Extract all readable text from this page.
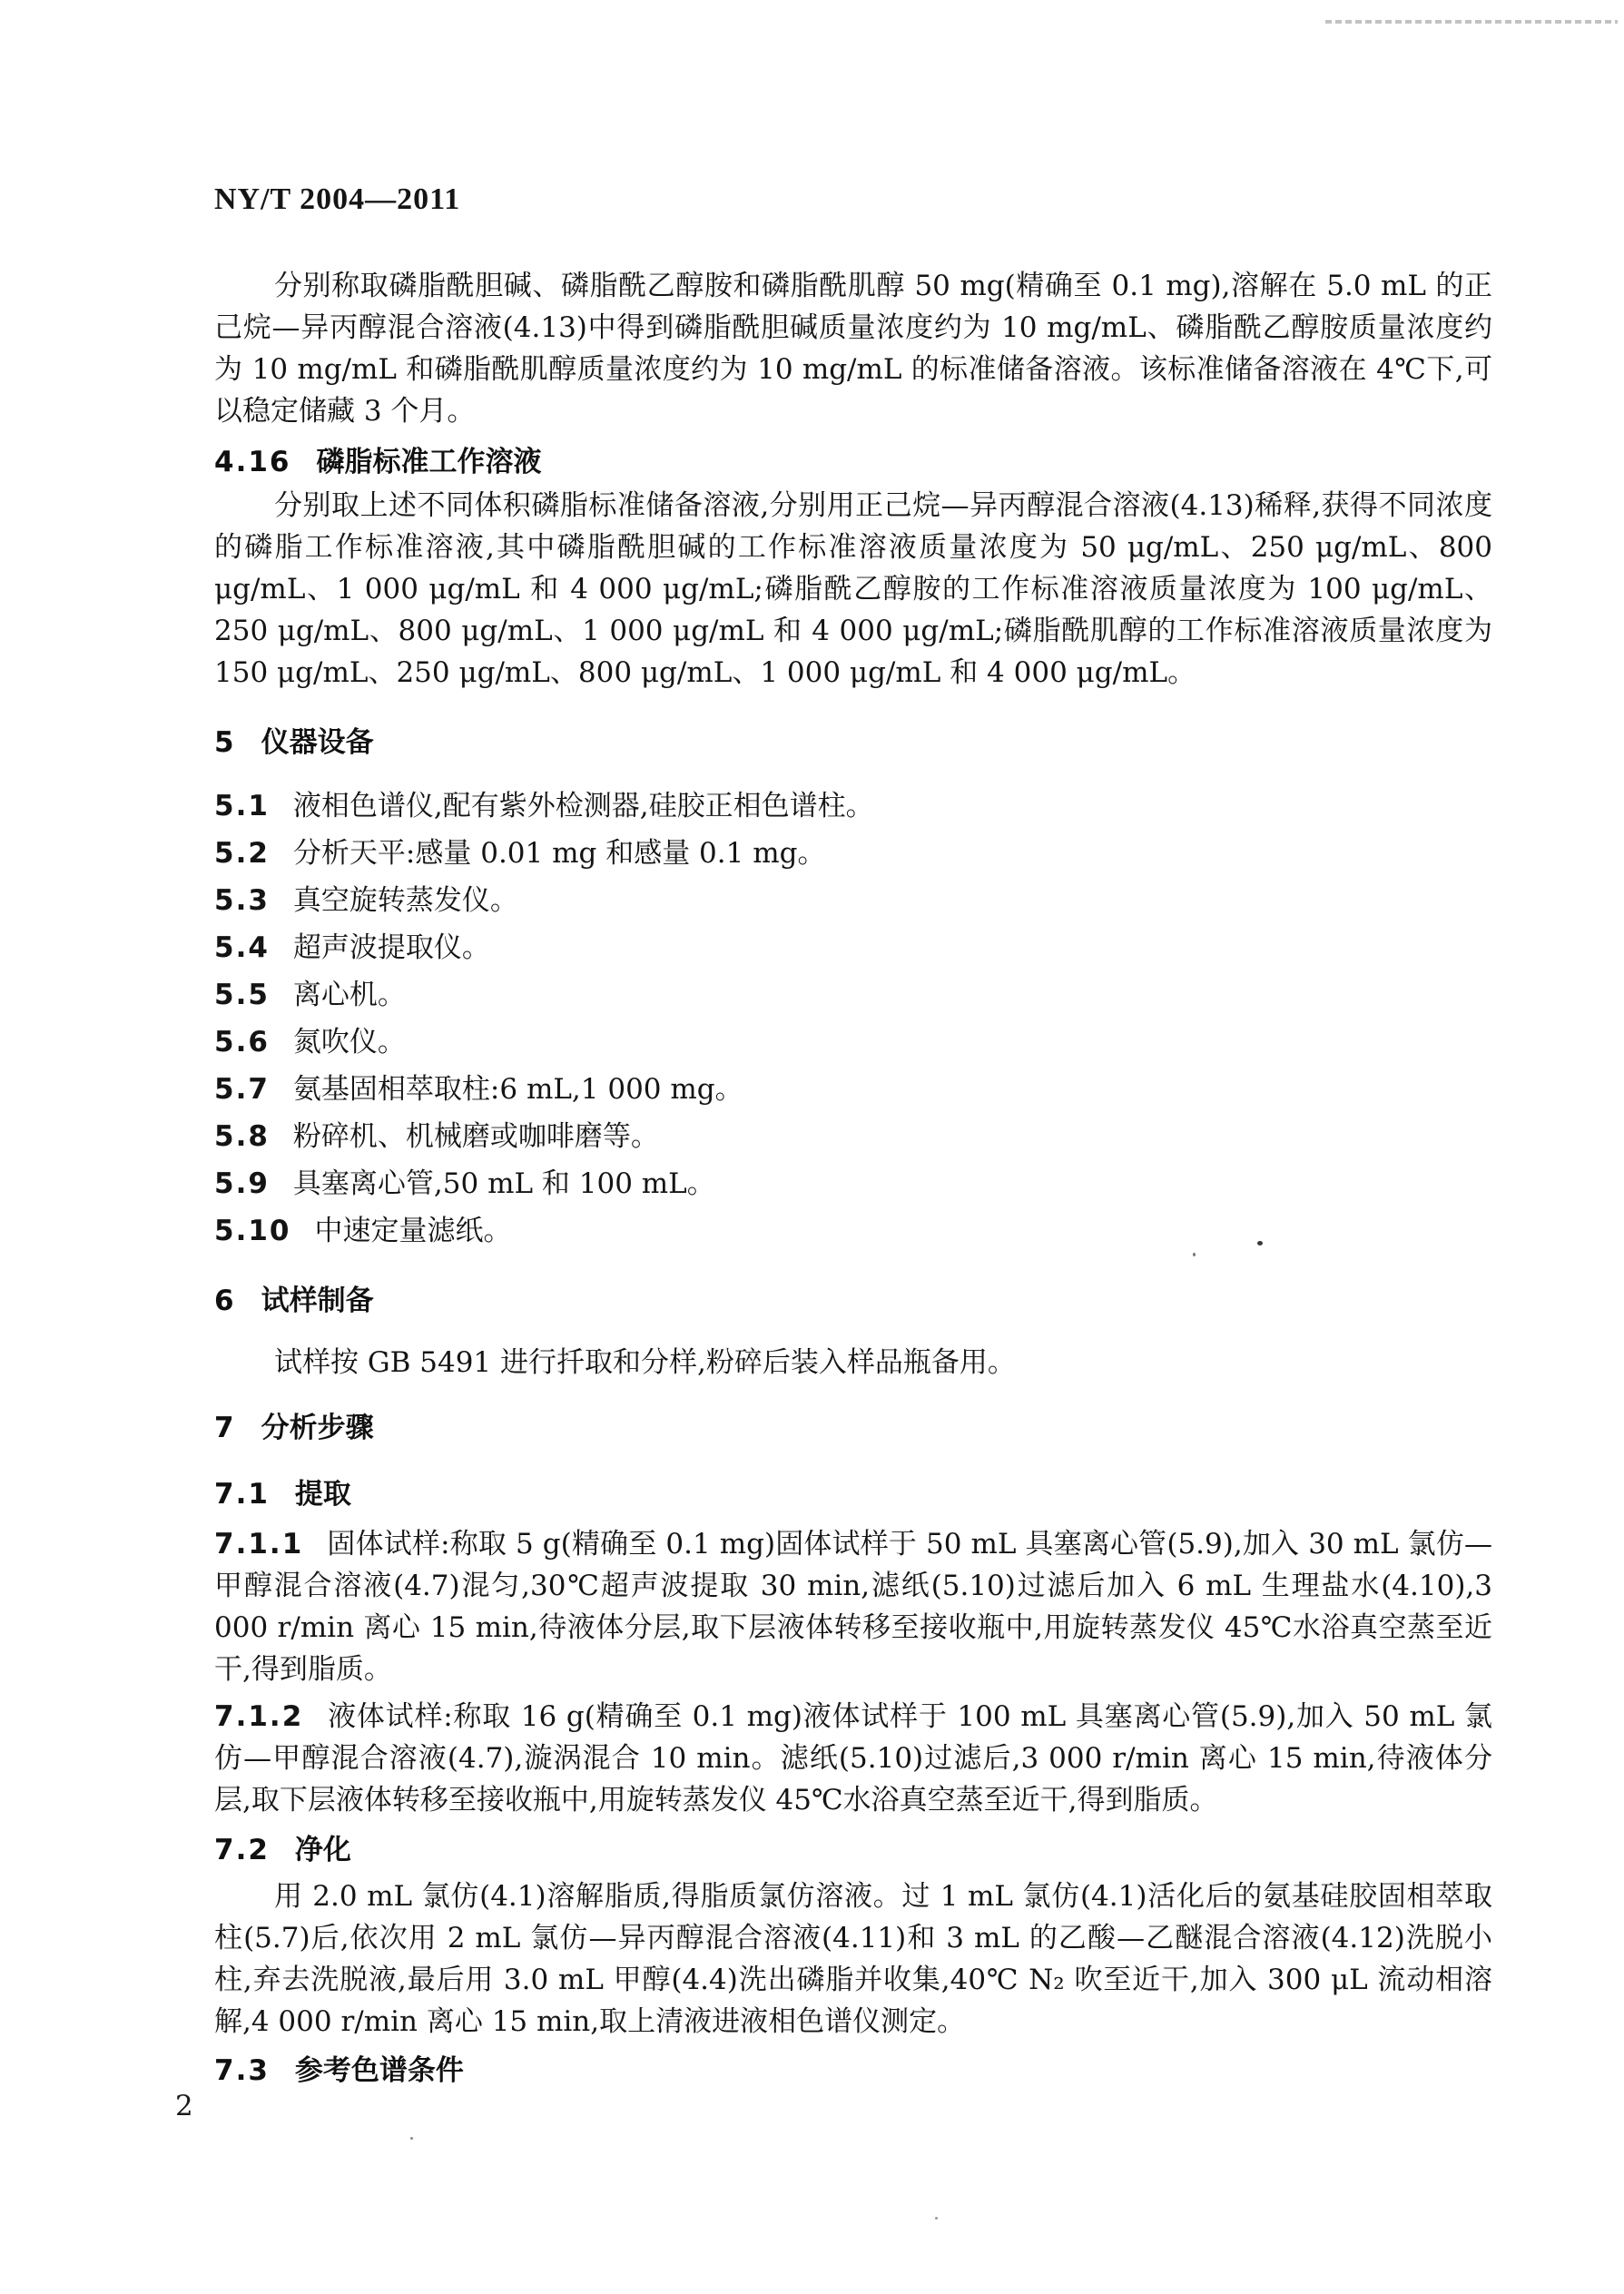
NY/T 2004—2011

分别称取磷脂酰胆碱、磷脂酰乙醇胺和磷脂酰肌醇 50 mg(精确至 0.1 mg),溶解在 5.0 mL 的正己烷—异丙醇混合溶液(4.13)中得到磷脂酰胆碱质量浓度约为 10 mg/mL、磷脂酰乙醇胺质量浓度约为 10 mg/mL 和磷脂酰肌醇质量浓度约为 10 mg/mL 的标准储备溶液。该标准储备溶液在 4℃下,可以稳定储藏 3 个月。

4.16 磷脂标准工作溶液

分别取上述不同体积磷脂标准储备溶液,分别用正己烷—异丙醇混合溶液(4.13)稀释,获得不同浓度的磷脂工作标准溶液,其中磷脂酰胆碱的工作标准溶液质量浓度为 50 μg/mL、250 μg/mL、800 μg/mL、1 000 μg/mL 和 4 000 μg/mL;磷脂酰乙醇胺的工作标准溶液质量浓度为 100 μg/mL、250 μg/mL、800 μg/mL、1 000 μg/mL 和 4 000 μg/mL;磷脂酰肌醇的工作标准溶液质量浓度为 150 μg/mL、250 μg/mL、800 μg/mL、1 000 μg/mL 和 4 000 μg/mL。

5 仪器设备

5.1 液相色谱仪,配有紫外检测器,硅胶正相色谱柱。

5.2 分析天平:感量 0.01 mg 和感量 0.1 mg。

5.3 真空旋转蒸发仪。

5.4 超声波提取仪。

5.5 离心机。

5.6 氮吹仪。

5.7 氨基固相萃取柱:6 mL,1 000 mg。

5.8 粉碎机、机械磨或咖啡磨等。

5.9 具塞离心管,50 mL 和 100 mL。

5.10 中速定量滤纸。

6 试样制备

试样按 GB 5491 进行扦取和分样,粉碎后装入样品瓶备用。

7 分析步骤
7.1 提取

7.1.1 固体试样:称取 5 g(精确至 0.1 mg)固体试样于 50 mL 具塞离心管(5.9),加入 30 mL 氯仿—甲醇混合溶液(4.7)混匀,30℃超声波提取 30 min,滤纸(5.10)过滤后加入 6 mL 生理盐水(4.10),3 000 r/min 离心 15 min,待液体分层,取下层液体转移至接收瓶中,用旋转蒸发仪 45℃水浴真空蒸至近干,得到脂质。

7.1.2 液体试样:称取 16 g(精确至 0.1 mg)液体试样于 100 mL 具塞离心管(5.9),加入 50 mL 氯仿—甲醇混合溶液(4.7),漩涡混合 10 min。滤纸(5.10)过滤后,3 000 r/min 离心 15 min,待液体分层,取下层液体转移至接收瓶中,用旋转蒸发仪 45℃水浴真空蒸至近干,得到脂质。

7.2 净化

用 2.0 mL 氯仿(4.1)溶解脂质,得脂质氯仿溶液。过 1 mL 氯仿(4.1)活化后的氨基硅胶固相萃取柱(5.7)后,依次用 2 mL 氯仿—异丙醇混合溶液(4.11)和 3 mL 的乙酸—乙醚混合溶液(4.12)洗脱小柱,弃去洗脱液,最后用 3.0 mL 甲醇(4.4)洗出磷脂并收集,40℃ N₂ 吹至近干,加入 300 μL 流动相溶解,4 000 r/min 离心 15 min,取上清液进液相色谱仪测定。

7.3 参考色谱条件
2
